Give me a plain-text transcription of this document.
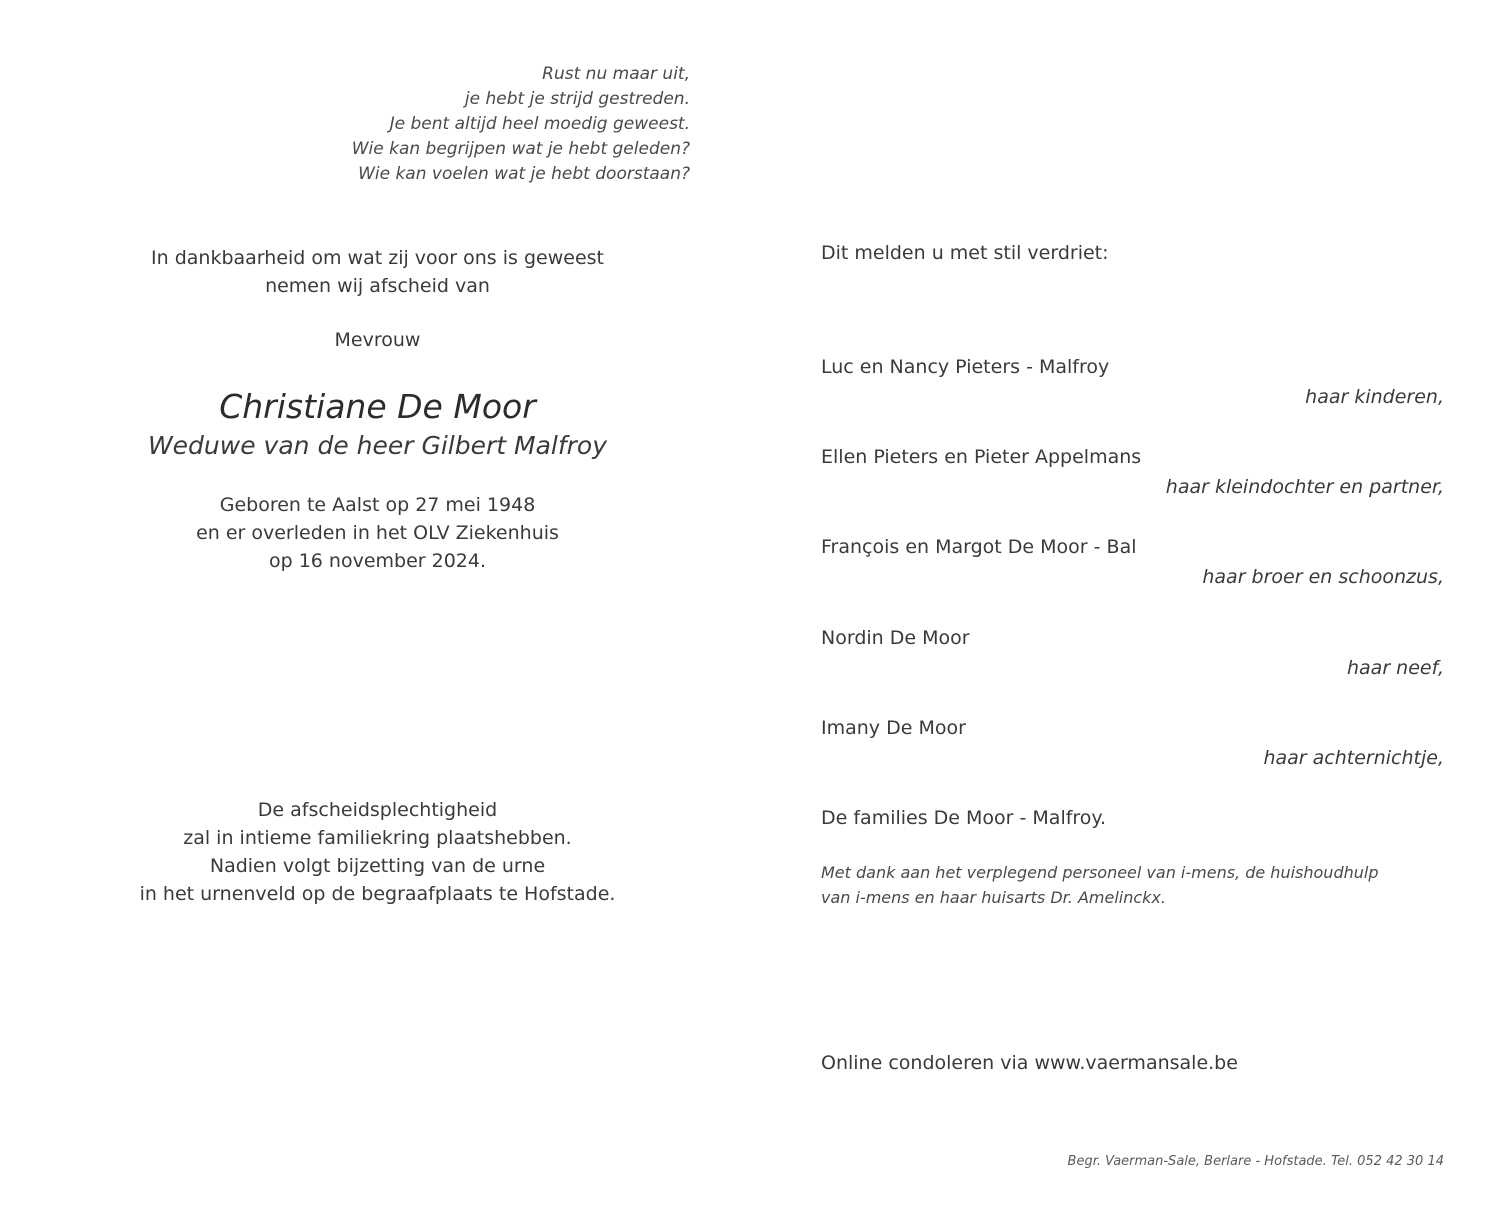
Rust nu maar uit,
je hebt je strijd gestreden.
Je bent altijd heel moedig geweest.
Wie kan begrijpen wat je hebt geleden?
Wie kan voelen wat je hebt doorstaan?
In dankbaarheid om wat zij voor ons is geweest
nemen wij afscheid van
Mevrouw
Christiane De Moor
Weduwe van de heer Gilbert Malfroy
Geboren te Aalst op 27 mei 1948
en er overleden in het OLV Ziekenhuis
op 16 november 2024.
De afscheidsplechtigheid
zal in intieme familiekring plaatshebben.
Nadien volgt bijzetting van de urne
in het urnenveld op de begraafplaats te Hofstade.
Dit melden u met stil verdriet:
Luc en Nancy Pieters - Malfroy
haar kinderen,
Ellen Pieters en Pieter Appelmans
haar kleindochter en partner,
François en Margot De Moor - Bal
haar broer en schoonzus,
Nordin De Moor
haar neef,
Imany De Moor
haar achternichtje,
De families De Moor - Malfroy.
Met dank aan het verplegend personeel van i-mens, de huishoudhulp
van i-mens en haar huisarts Dr. Amelinckx.
Online condoleren via www.vaermansale.be
Begr. Vaerman-Sale, Berlare - Hofstade. Tel. 052 42 30 14
